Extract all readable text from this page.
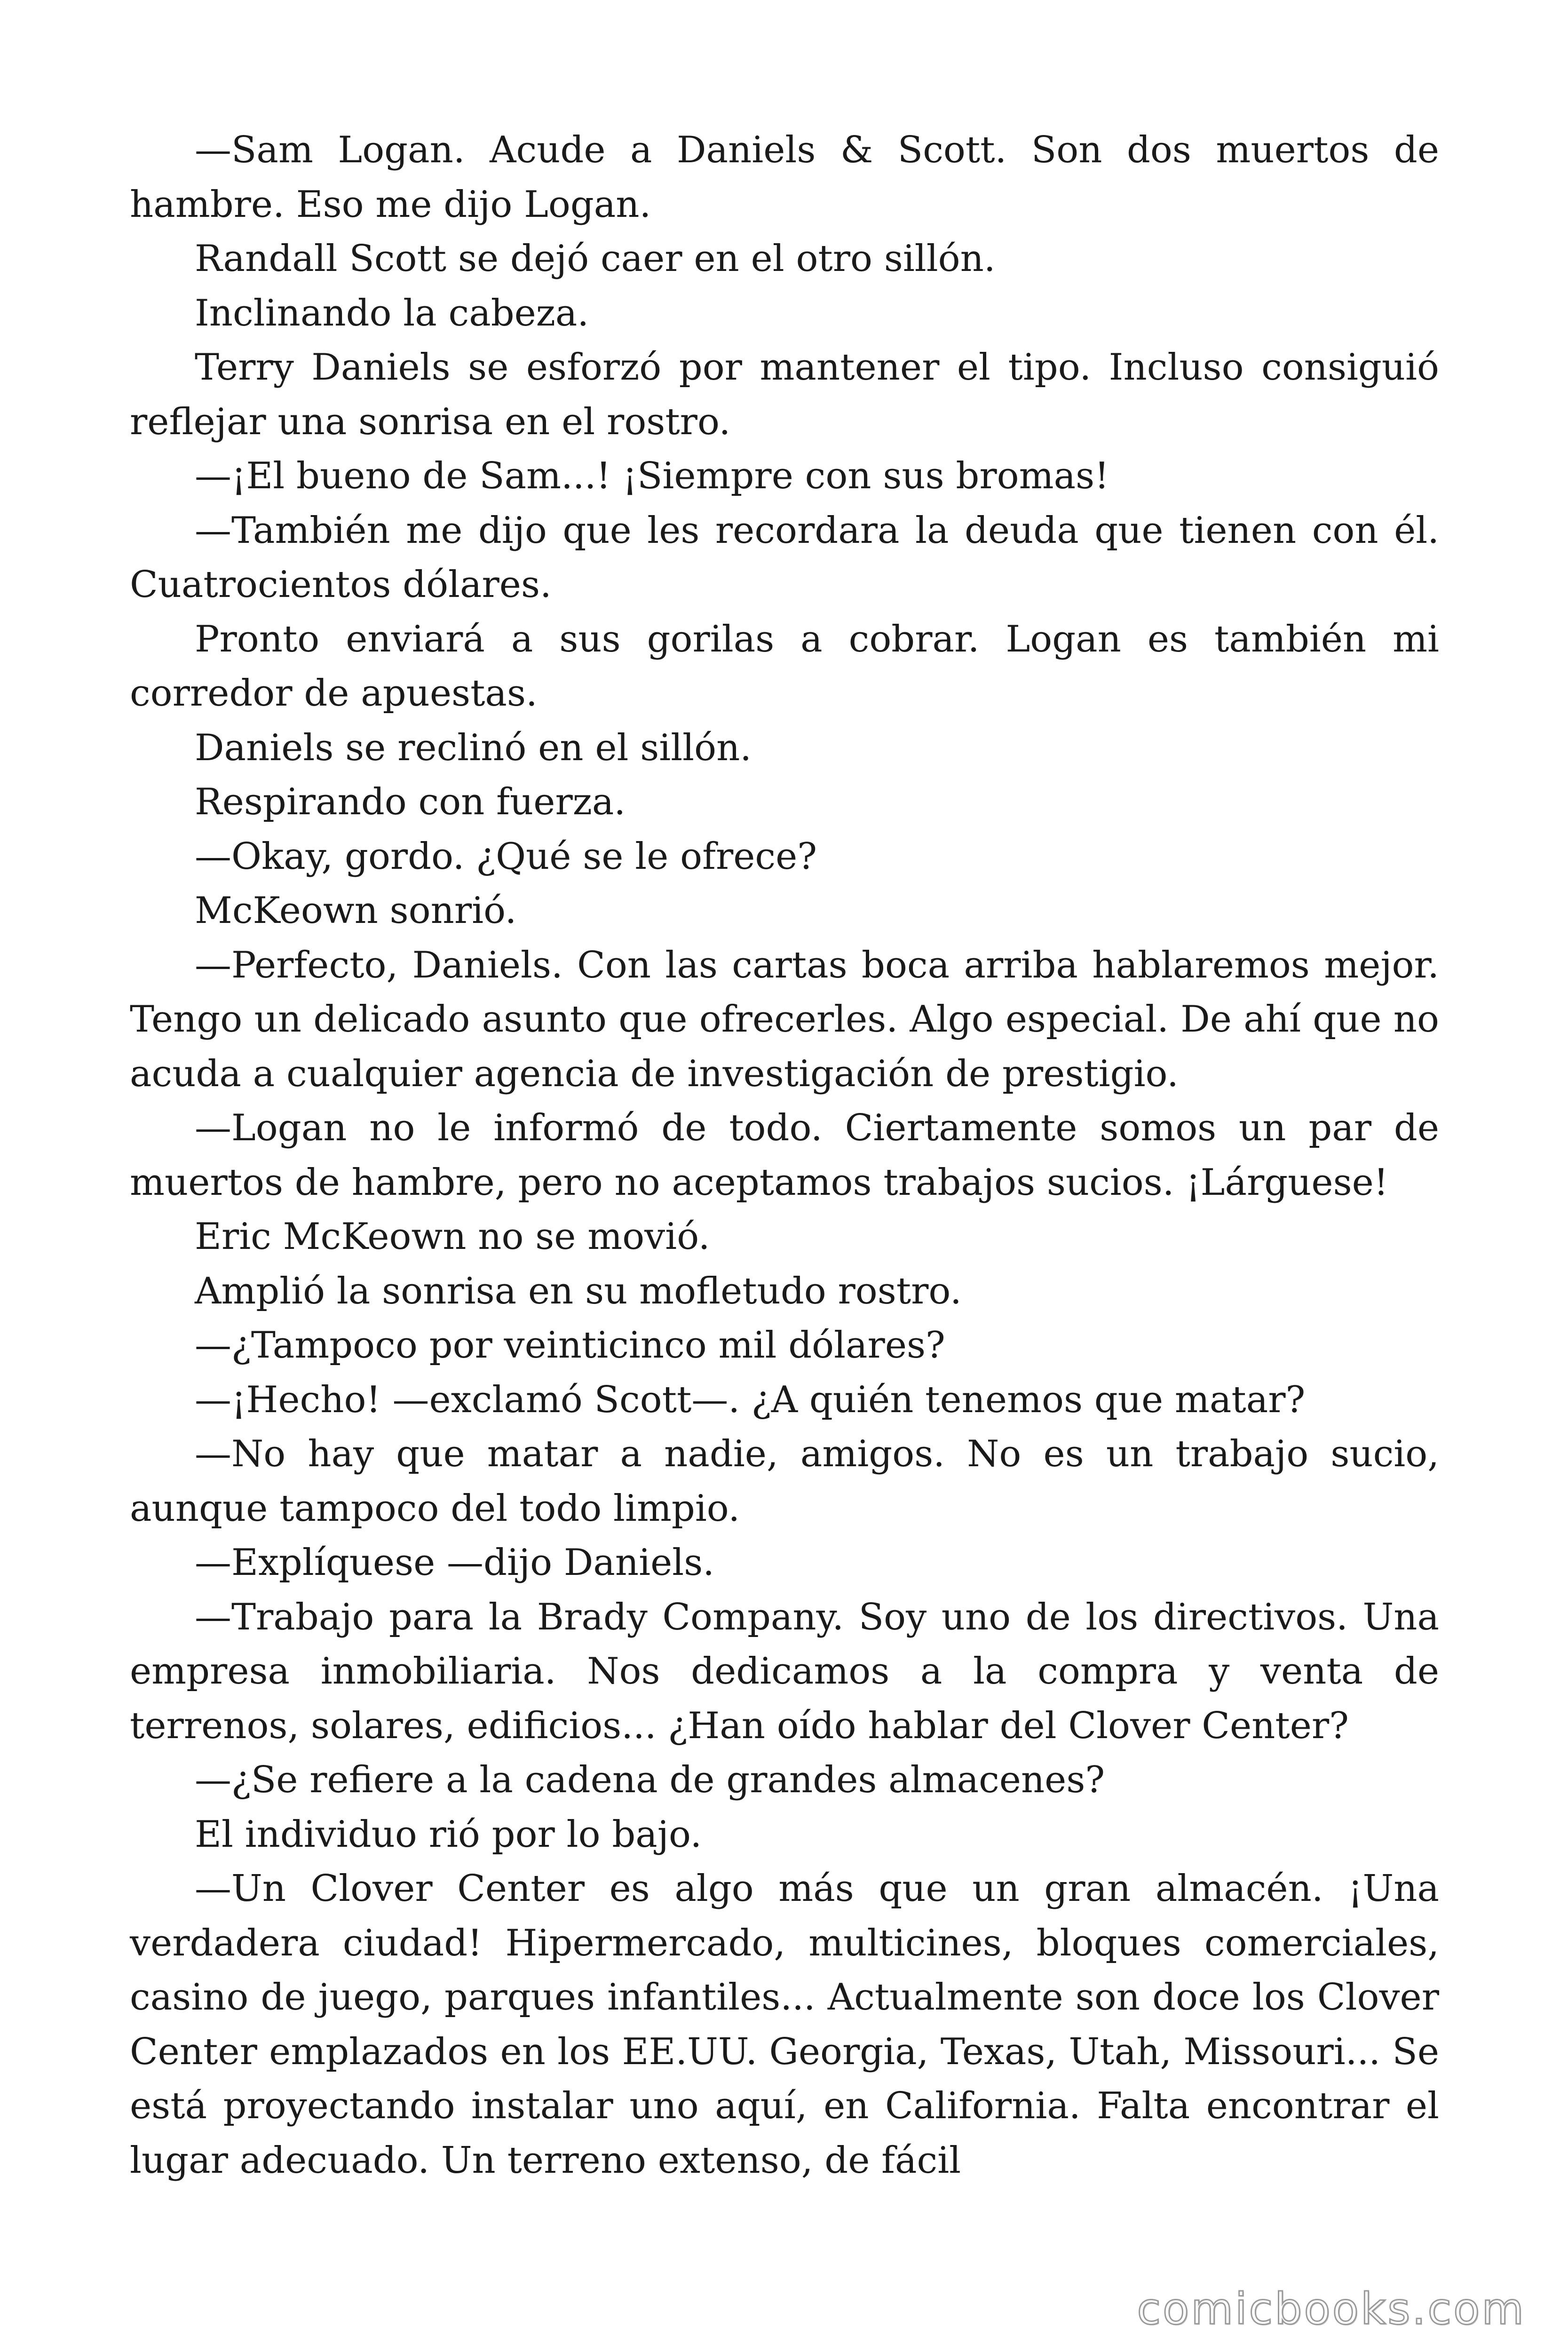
—Sam Logan. Acude a Daniels & Scott. Son dos muertos de hambre. Eso me dijo Logan.

Randall Scott se dejó caer en el otro sillón.

Inclinando la cabeza.

Terry Daniels se esforzó por mantener el tipo. Incluso consiguió reflejar una sonrisa en el rostro.

—¡El bueno de Sam...! ¡Siempre con sus bromas!

—También me dijo que les recordara la deuda que tienen con él. Cuatrocientos dólares.

Pronto enviará a sus gorilas a cobrar. Logan es también mi corredor de apuestas.

Daniels se reclinó en el sillón.

Respirando con fuerza.

—Okay, gordo. ¿Qué se le ofrece?

McKeown sonrió.

—Perfecto, Daniels. Con las cartas boca arriba hablaremos mejor. Tengo un delicado asunto que ofrecerles. Algo especial. De ahí que no acuda a cualquier agencia de investigación de prestigio.

—Logan no le informó de todo. Ciertamente somos un par de muertos de hambre, pero no aceptamos trabajos sucios. ¡Lárguese!

Eric McKeown no se movió.

Amplió la sonrisa en su mofletudo rostro.

—¿Tampoco por veinticinco mil dólares?

—¡Hecho! —exclamó Scott—. ¿A quién tenemos que matar?

—No hay que matar a nadie, amigos. No es un trabajo sucio, aunque tampoco del todo limpio.

—Explíquese —dijo Daniels.

—Trabajo para la Brady Company. Soy uno de los directivos. Una empresa inmobiliaria. Nos dedicamos a la compra y venta de terrenos, solares, edificios... ¿Han oído hablar del Clover Center?

—¿Se refiere a la cadena de grandes almacenes?

El individuo rió por lo bajo.

—Un Clover Center es algo más que un gran almacén. ¡Una verdadera ciudad! Hipermercado, multicines, bloques comerciales, casino de juego, parques infantiles... Actualmente son doce los Clover Center emplazados en los EE.UU. Georgia, Texas, Utah, Missouri... Se está proyectando instalar uno aquí, en California. Falta encontrar el lugar adecuado. Un terreno extenso, de fácil

comicbooks.com
